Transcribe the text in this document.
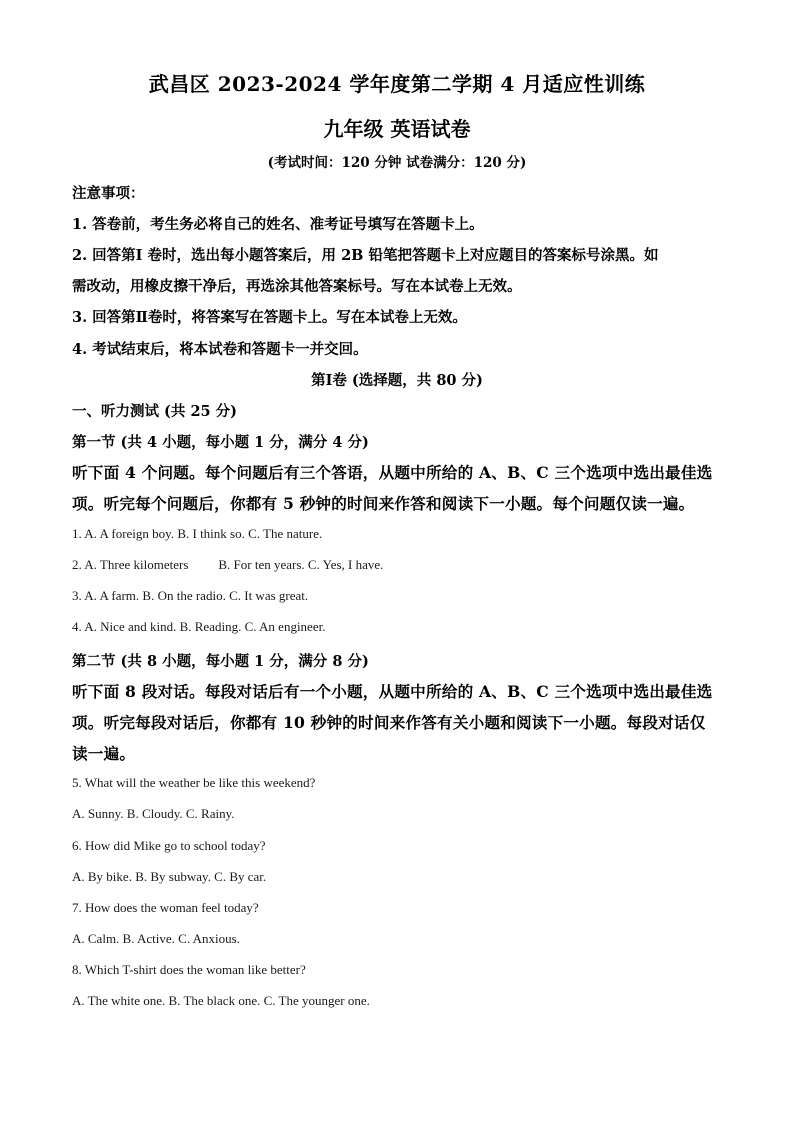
武昌区 2023-2024 学年度第二学期 4 月适应性训练
九年级 英语试卷
(考试时间：120 分钟 试卷满分：120 分)
注意事项：
1. 答卷前，考生务必将自己的姓名、准考证号填写在答题卡上。
2. 回答第Ⅰ 卷时，选出每小题答案后，用 2B 铅笔把答题卡上对应题目的答案标号涂黑。如
需改动，用橡皮擦干净后，再选涂其他答案标号。写在本试卷上无效。
3. 回答第Ⅱ卷时，将答案写在答题卡上。写在本试卷上无效。
4. 考试结束后，将本试卷和答题卡一并交回。
第Ⅰ卷 (选择题，共 80 分)
一、听力测试 (共 25 分)
第一节 (共 4 小题，每小题 1 分，满分 4 分)
听下面 4 个问题。每个问题后有三个答语，从题中所给的 A、B、C 三个选项中选出最佳选
项。听完每个问题后，你都有 5 秒钟的时间来作答和阅读下一小题。每个问题仅读一遍。
1. A. A foreign boy. B. I think so. C. The nature.
2. A. Three kilometers B. For ten years. C. Yes, I have.
3. A. A farm. B. On the radio. C. It was great.
4. A. Nice and kind. B. Reading. C. An engineer.
第二节 (共 8 小题，每小题 1 分，满分 8 分)
听下面 8 段对话。每段对话后有一个小题，从题中所给的 A、B、C 三个选项中选出最佳选
项。听完每段对话后，你都有 10 秒钟的时间来作答有关小题和阅读下一小题。每段对话仅
读一遍。
5. What will the weather be like this weekend?
A. Sunny. B. Cloudy. C. Rainy.
6. How did Mike go to school today?
A. By bike. B. By subway. C. By car.
7. How does the woman feel today?
A. Calm. B. Active. C. Anxious.
8. Which T-shirt does the woman like better?
A. The white one. B. The black one. C. The younger one.
